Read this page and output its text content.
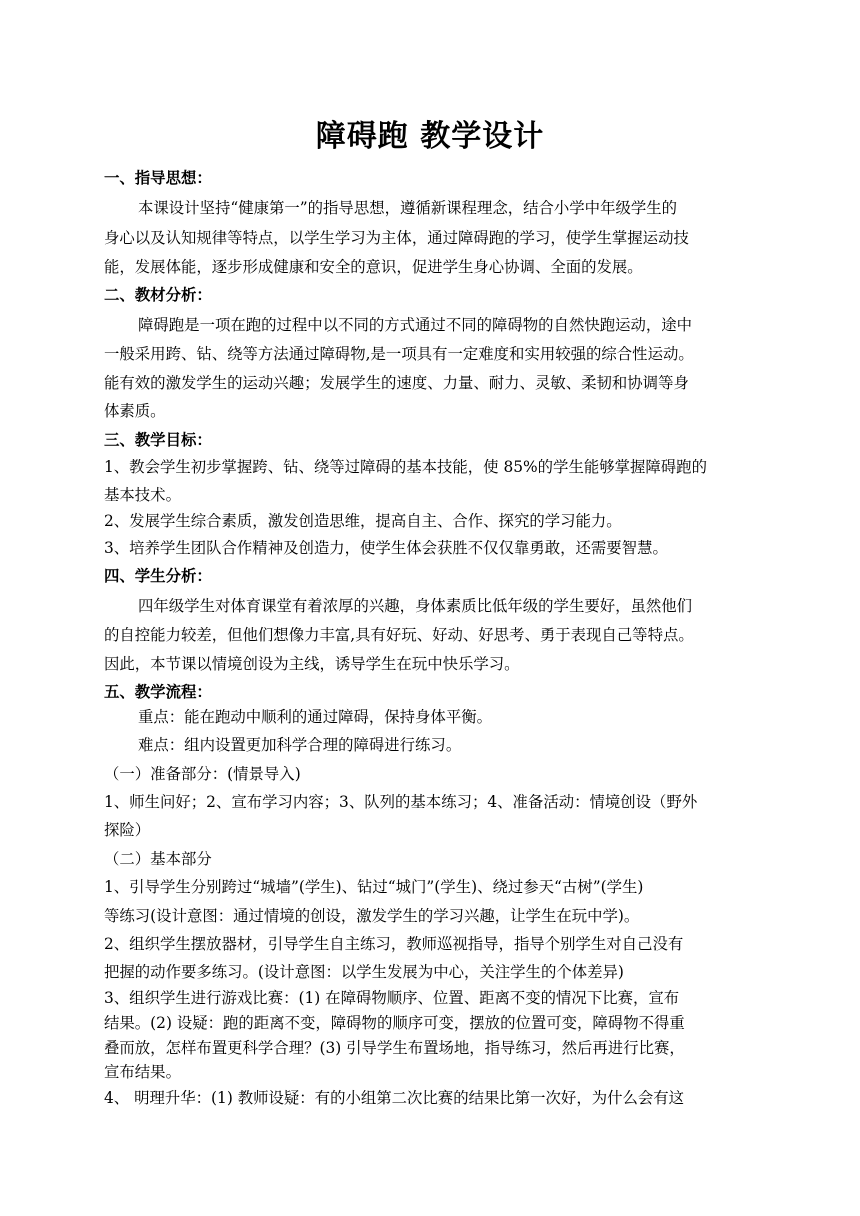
障碍跑 教学设计
一、指导思想：
本课设计坚持“健康第一”的指导思想，遵循新课程理念，结合小学中年级学生的
身心以及认知规律等特点，以学生学习为主体，通过障碍跑的学习，使学生掌握运动技
能，发展体能，逐步形成健康和安全的意识，促进学生身心协调、全面的发展。
二、教材分析：
障碍跑是一项在跑的过程中以不同的方式通过不同的障碍物的自然快跑运动，途中
一般采用跨、钻、绕等方法通过障碍物,是一项具有一定难度和实用较强的综合性运动。
能有效的激发学生的运动兴趣；发展学生的速度、力量、耐力、灵敏、柔韧和协调等身
体素质。
三、教学目标：
1、教会学生初步掌握跨、钻、绕等过障碍的基本技能，使 85%的学生能够掌握障碍跑的
基本技术。
2、发展学生综合素质，激发创造思维，提高自主、合作、探究的学习能力。
3、培养学生团队合作精神及创造力，使学生体会获胜不仅仅靠勇敢，还需要智慧。
四、学生分析：
四年级学生对体育课堂有着浓厚的兴趣，身体素质比低年级的学生要好，虽然他们
的自控能力较差，但他们想像力丰富,具有好玩、好动、好思考、勇于表现自己等特点。
因此，本节课以情境创设为主线，诱导学生在玩中快乐学习。
五、教学流程：
重点：能在跑动中顺利的通过障碍，保持身体平衡。
难点：组内设置更加科学合理的障碍进行练习。
（一）准备部分：(情景导入)
1、师生问好；2、宣布学习内容；3、队列的基本练习；4、准备活动：情境创设（野外
探险）
（二）基本部分
1、引导学生分别跨过“城墙”(学生)、钻过“城门”(学生)、绕过参天“古树”(学生)
等练习(设计意图：通过情境的创设，激发学生的学习兴趣，让学生在玩中学)。
2、组织学生摆放器材，引导学生自主练习，教师巡视指导，指导个别学生对自己没有
把握的动作要多练习。(设计意图：以学生发展为中心，关注学生的个体差异)
3、组织学生进行游戏比赛：(1) 在障碍物顺序、位置、距离不变的情况下比赛，宣布
结果。(2) 设疑：跑的距离不变，障碍物的顺序可变，摆放的位置可变，障碍物不得重
叠而放，怎样布置更科学合理？(3) 引导学生布置场地，指导练习，然后再进行比赛，
宣布结果。
4、 明理升华：(1) 教师设疑：有的小组第二次比赛的结果比第一次好，为什么会有这
